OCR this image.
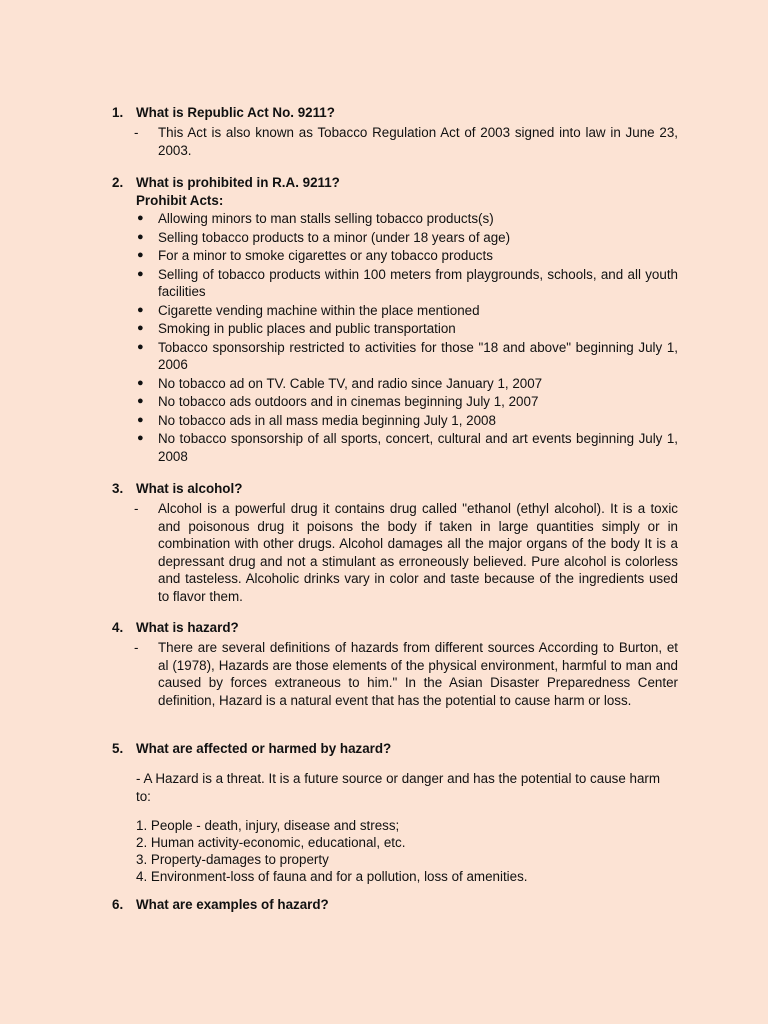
1. What is Republic Act No. 9211?
-	This Act is also known as Tobacco Regulation Act of 2003 signed into law in June 23, 2003.
2. What is prohibited in R.A. 9211?
Prohibit Acts:
●	Allowing minors to man stalls selling tobacco products(s)
●	Selling tobacco products to a minor (under 18 years of age)
●	For a minor to smoke cigarettes or any tobacco products
●	Selling of tobacco products within 100 meters from playgrounds, schools, and all youth facilities
●	Cigarette vending machine within the place mentioned
●	Smoking in public places and public transportation
●	Tobacco sponsorship restricted to activities for those "18 and above" beginning July 1, 2006
●	No tobacco ad on TV. Cable TV, and radio since January 1, 2007
●	No tobacco ads outdoors and in cinemas beginning July 1, 2007
●	No tobacco ads in all mass media beginning July 1, 2008
●	No tobacco sponsorship of all sports, concert, cultural and art events beginning July 1, 2008
3. What is alcohol?
-	Alcohol is a powerful drug it contains drug called "ethanol (ethyl alcohol). It is a toxic and poisonous drug it poisons the body if taken in large quantities simply or in combination with other drugs. Alcohol damages all the major organs of the body It is a depressant drug and not a stimulant as erroneously believed. Pure alcohol is colorless and tasteless. Alcoholic drinks vary in color and taste because of the ingredients used to flavor them.
4. What is hazard?
-	There are several definitions of hazards from different sources According to Burton, et al (1978), Hazards are those elements of the physical environment, harmful to man and caused by forces extraneous to him." In the Asian Disaster Preparedness Center definition, Hazard is a natural event that has the potential to cause harm or loss.
5. What are affected or harmed by hazard?
- A Hazard is a threat. It is a future source or danger and has the potential to cause harm to:
1. People - death, injury, disease and stress;
2. Human activity-economic, educational, etc.
3. Property-damages to property
4. Environment-loss of fauna and for a pollution, loss of amenities.
6. What are examples of hazard?
